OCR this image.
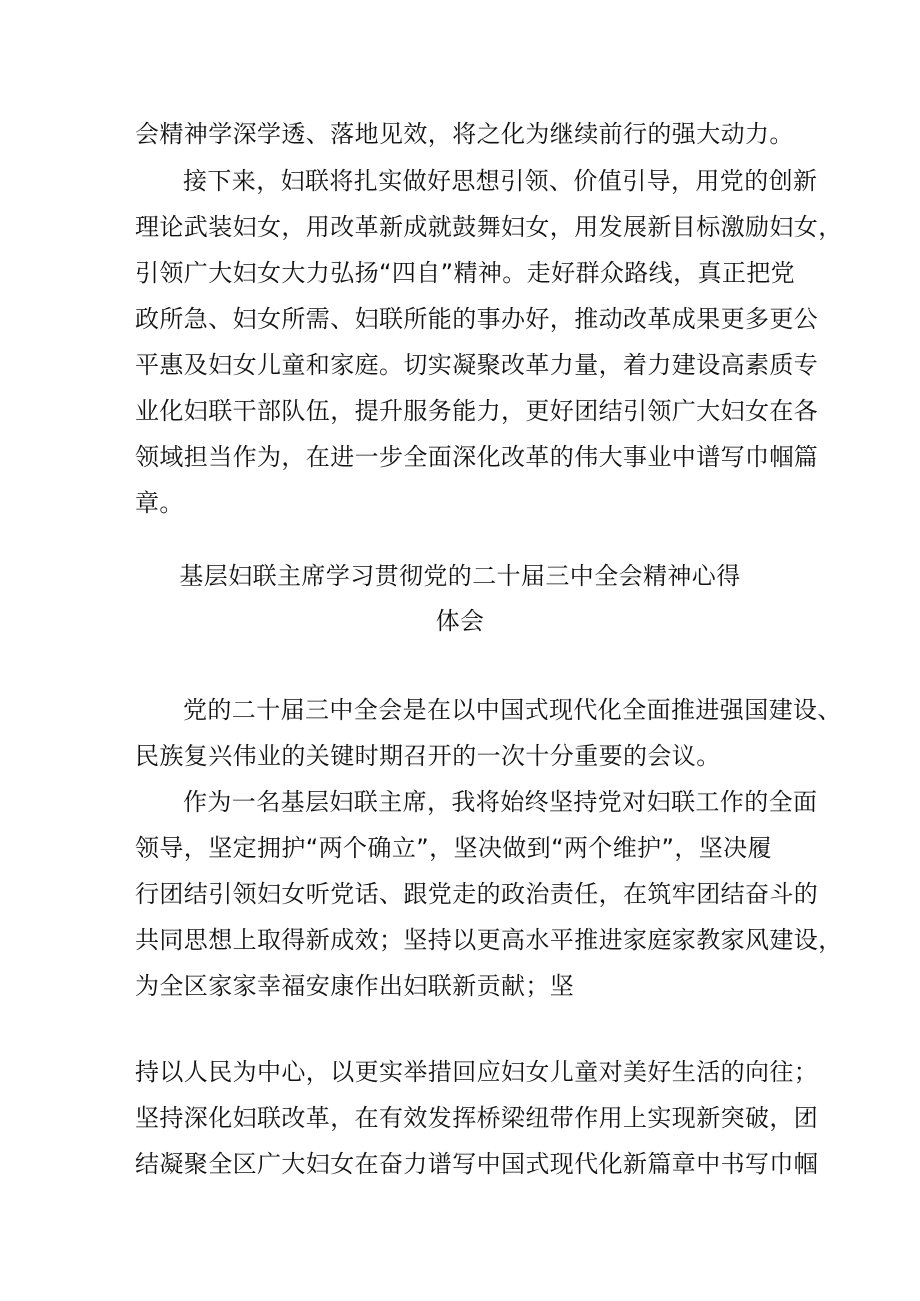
会精神学深学透、落地见效，将之化为继续前行的强大动力。
接下来，妇联将扎实做好思想引领、价值引导，用党的创新
理论武装妇女，用改革新成就鼓舞妇女，用发展新目标激励妇女，
引领广大妇女大力弘扬“四自”精神。走好群众路线，真正把党
政所急、妇女所需、妇联所能的事办好，推动改革成果更多更公
平惠及妇女儿童和家庭。切实凝聚改革力量，着力建设高素质专
业化妇联干部队伍，提升服务能力，更好团结引领广大妇女在各
领域担当作为，在进一步全面深化改革的伟大事业中谱写巾帼篇
章。
基层妇联主席学习贯彻党的二十届三中全会精神心得
体会
党的二十届三中全会是在以中国式现代化全面推进强国建设、
民族复兴伟业的关键时期召开的一次十分重要的会议。
作为一名基层妇联主席，我将始终坚持党对妇联工作的全面
领导，坚定拥护“两个确立”，坚决做到“两个维护”，坚决履
行团结引领妇女听党话、跟党走的政治责任，在筑牢团结奋斗的
共同思想上取得新成效；坚持以更高水平推进家庭家教家风建设，
为全区家家幸福安康作出妇联新贡献；坚
持以人民为中心，以更实举措回应妇女儿童对美好生活的向往；
坚持深化妇联改革，在有效发挥桥梁纽带作用上实现新突破，团
结凝聚全区广大妇女在奋力谱写中国式现代化新篇章中书写巾帼
